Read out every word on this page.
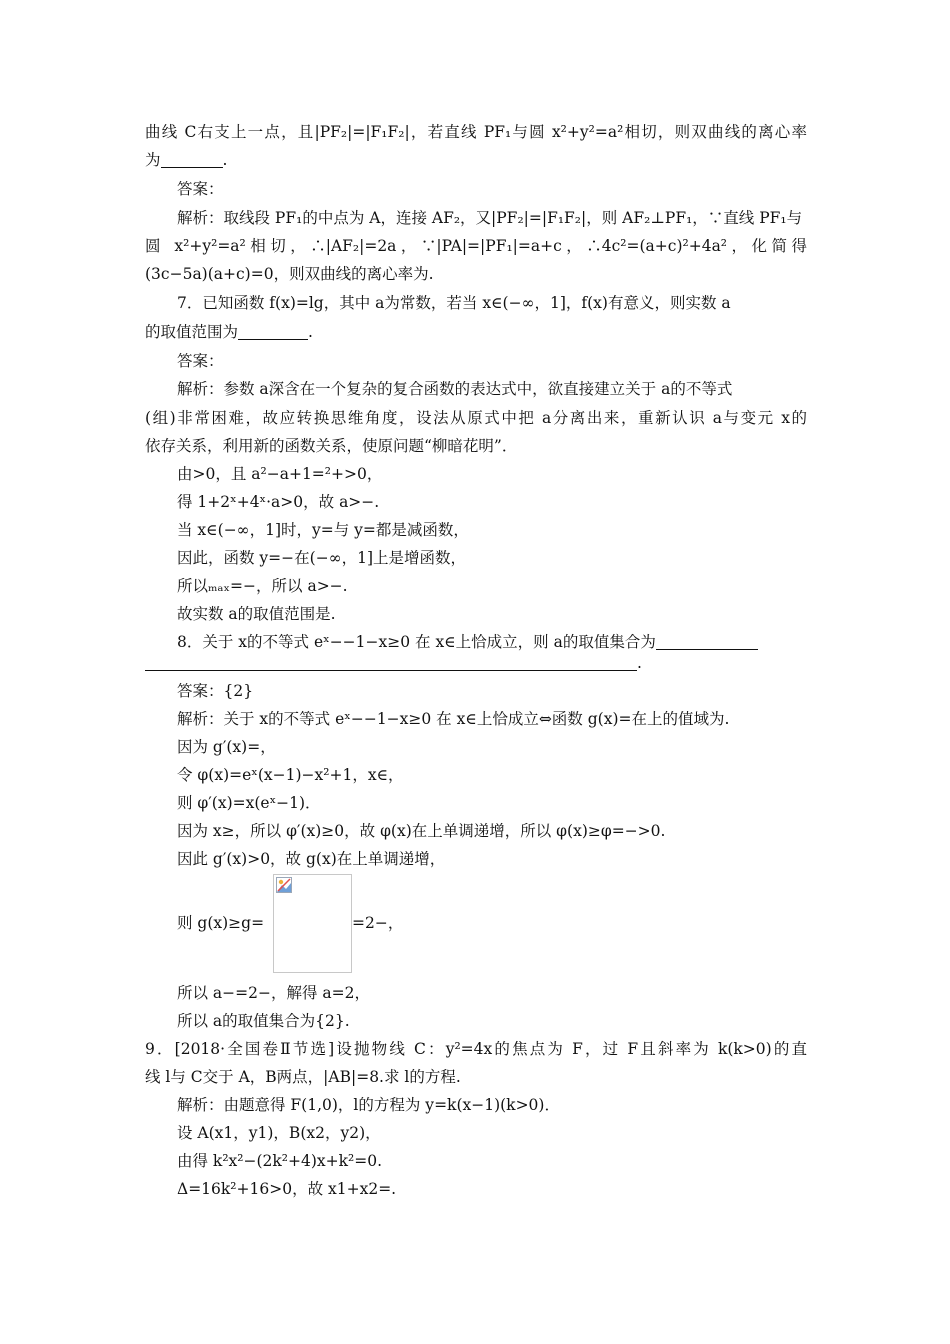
曲线 C右支上一点，且|PF₂|=|F₁F₂|，若直线 PF₁与圆 x²+y²=a²相切，则双曲线的离心率
为	.
答案：
解析：取线段 PF₁的中点为 A，连接 AF₂，又|PF₂|=|F₁F₂|，则 AF₂⊥PF₁，∵直线 PF₁与
圆 x²+y²=a²相切，∴|AF₂|=2a，∵|PA|=|PF₁|=a+c，∴4c²=(a+c)²+4a²，化简得
(3c−5a)(a+c)=0，则双曲线的离心率为.
7．已知函数 f(x)=lg，其中 a为常数，若当 x∈(−∞，1]，f(x)有意义，则实数 a
的取值范围为	.
答案：
解析：参数 a深含在一个复杂的复合函数的表达式中，欲直接建立关于 a的不等式
(组)非常困难，故应转换思维角度，设法从原式中把 a分离出来，重新认识 a与变元 x的
依存关系，利用新的函数关系，使原问题“柳暗花明”．
由>0，且 a²−a+1=²+>0，
得 1+2ˣ+4ˣ·a>0，故 a>−.
当 x∈(−∞，1]时，y=与 y=都是减函数，
因此，函数 y=−在(−∞，1]上是增函数，
所以ₘₐₓ=−，所以 a>−.
故实数 a的取值范围是.
8．关于 x的不等式 eˣ−−1−x≥0 在 x∈上恰成立，则 a的取值集合为
.
答案：{2}
解析：关于 x的不等式 eˣ−−1−x≥0 在 x∈上恰成立⇔函数 g(x)=在上的值域为.
因为 g′(x)=，
令 φ(x)=eˣ(x−1)−x²+1，x∈，
则 φ′(x)=x(eˣ−1)．
因为 x≥，所以 φ′(x)≥0，故 φ(x)在上单调递增，所以 φ(x)≥φ=−>0.
因此 g′(x)>0，故 g(x)在上单调递增，
则 g(x)≥g=	=2−，
所以 a−=2−，解得 a=2，
所以 a的取值集合为{2}.
9．[2018·全国卷Ⅱ节选]设抛物线 C：y²=4x的焦点为 F，过 F且斜率为 k(k>0)的直
线 l与 C交于 A，B两点，|AB|=8.求 l的方程.
解析：由题意得 F(1,0)，l的方程为 y=k(x−1)(k>0)．
设 A(x1，y1)，B(x2，y2)，
由得 k²x²−(2k²+4)x+k²=0.
Δ=16k²+16>0，故 x1+x2=.
